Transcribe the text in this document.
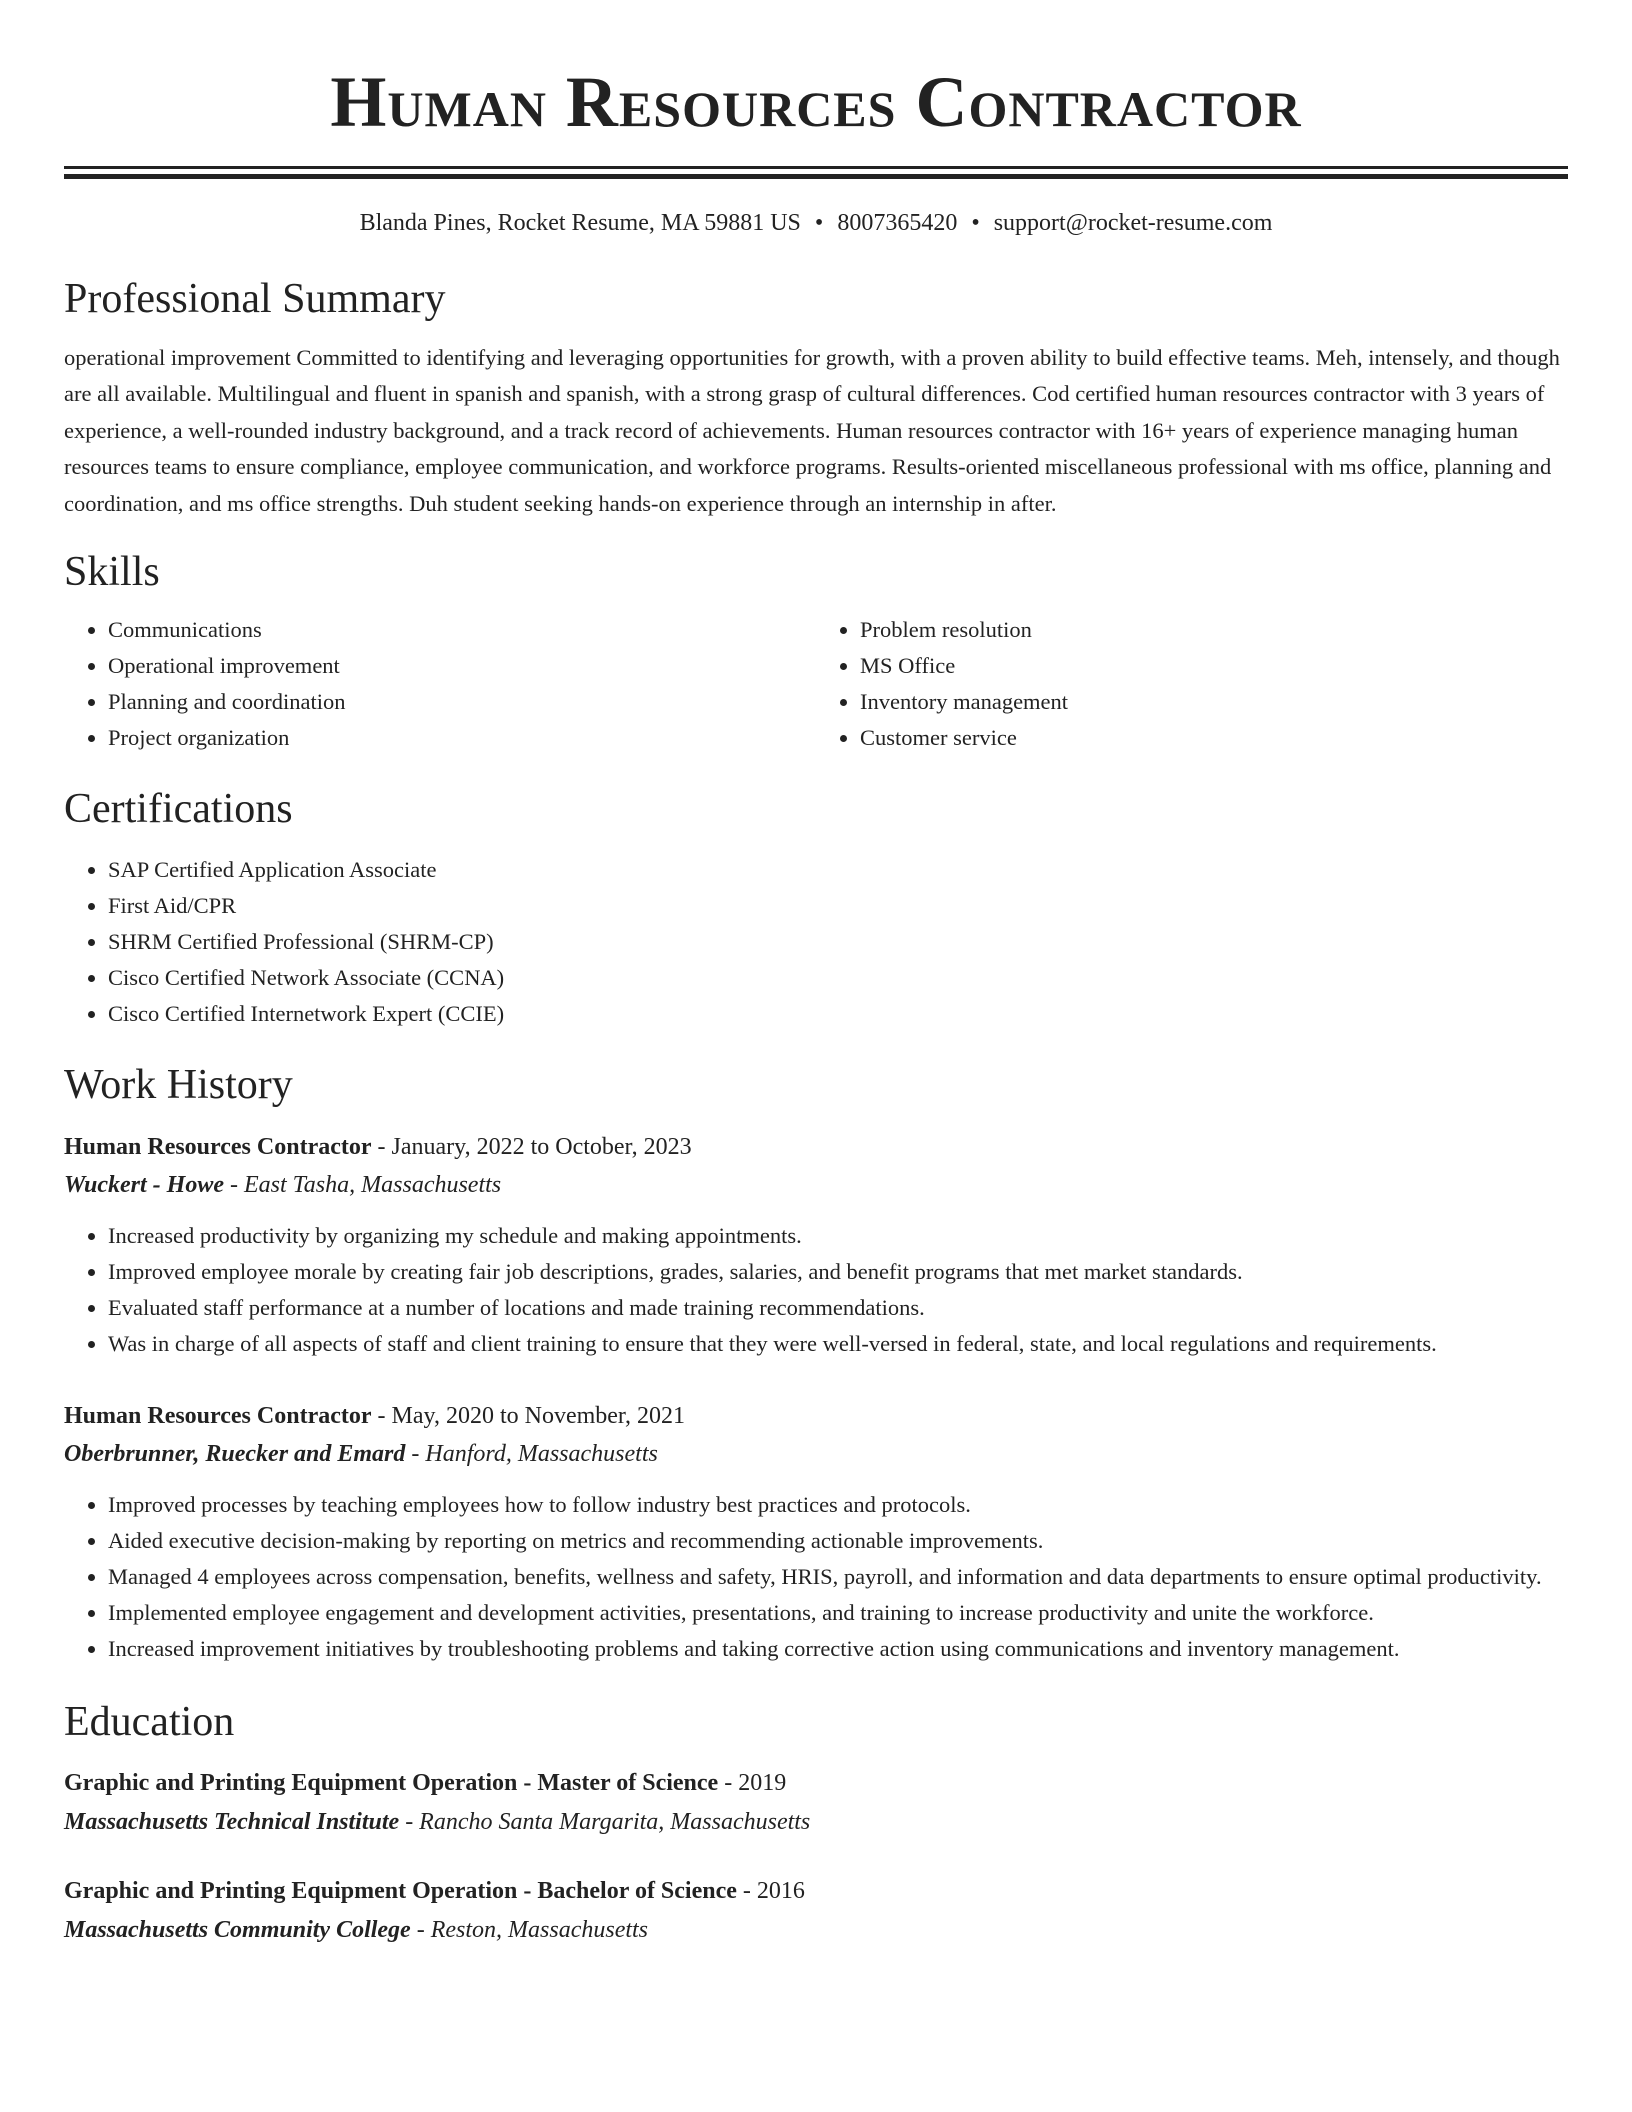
Human Resources Contractor
Blanda Pines, Rocket Resume, MA 59881 US • 8007365420 • support@rocket-resume.com
Professional Summary

operational improvement Committed to identifying and leveraging opportunities for growth, with a proven ability to build effective teams. Meh, intensely, and though are all available. Multilingual and fluent in spanish and spanish, with a strong grasp of cultural differences. Cod certified human resources contractor with 3 years of experience, a well-rounded industry background, and a track record of achievements. Human resources contractor with 16+ years of experience managing human resources teams to ensure compliance, employee communication, and workforce programs. Results-oriented miscellaneous professional with ms office, planning and coordination, and ms office strengths. Duh student seeking hands-on experience through an internship in after.

Skills
• Communications
• Operational improvement
• Planning and coordination
• Project organization
• Problem resolution
• MS Office
• Inventory management
• Customer service
Certifications
• SAP Certified Application Associate
• First Aid/CPR
• SHRM Certified Professional (SHRM-CP)
• Cisco Certified Network Associate (CCNA)
• Cisco Certified Internetwork Expert (CCIE)
Work History
Human Resources Contractor - January, 2022 to October, 2023
Wuckert - Howe - East Tasha, Massachusetts
• Increased productivity by organizing my schedule and making appointments.
• Improved employee morale by creating fair job descriptions, grades, salaries, and benefit programs that met market standards.
• Evaluated staff performance at a number of locations and made training recommendations.
• Was in charge of all aspects of staff and client training to ensure that they were well-versed in federal, state, and local regulations and requirements.
Human Resources Contractor - May, 2020 to November, 2021
Oberbrunner, Ruecker and Emard - Hanford, Massachusetts
• Improved processes by teaching employees how to follow industry best practices and protocols.
• Aided executive decision-making by reporting on metrics and recommending actionable improvements.
• Managed 4 employees across compensation, benefits, wellness and safety, HRIS, payroll, and information and data departments to ensure optimal productivity.
• Implemented employee engagement and development activities, presentations, and training to increase productivity and unite the workforce.
• Increased improvement initiatives by troubleshooting problems and taking corrective action using communications and inventory management.
Education
Graphic and Printing Equipment Operation - Master of Science - 2019
Massachusetts Technical Institute - Rancho Santa Margarita, Massachusetts
Graphic and Printing Equipment Operation - Bachelor of Science - 2016
Massachusetts Community College - Reston, Massachusetts
